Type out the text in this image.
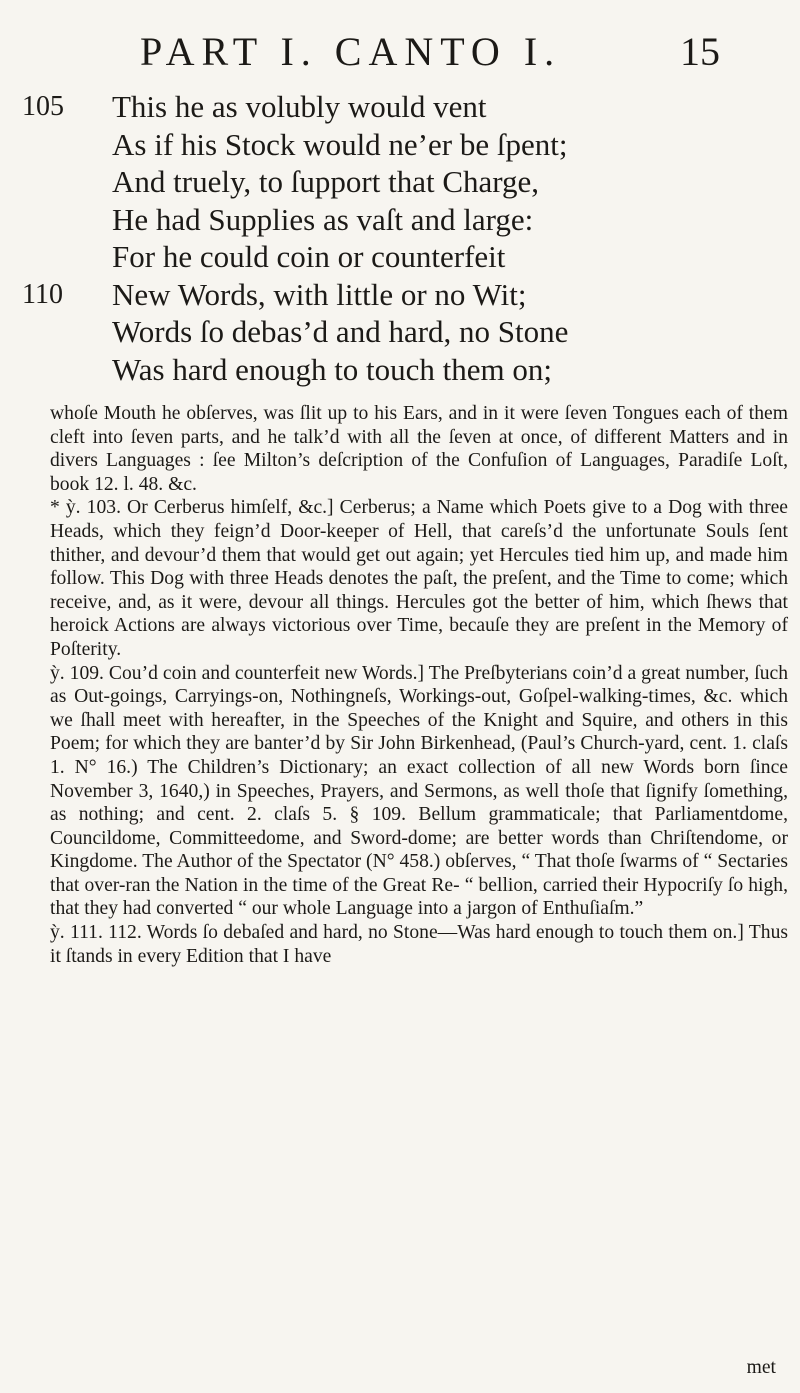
PART I. CANTO I.	15
105 This he as volubly would vent
As if his Stock would ne’er be ſpent;
And truely, to ſupport that Charge,
He had Supplies as vaſt and large:
For he could coin or counterfeit
110 New Words, with little or no Wit;
Words ſo debas’d and hard, no Stone
Was hard enough to touch them on;

whoſe Mouth he obſerves, was ſlit up to his Ears, and in it were ſeven Tongues each of them cleft into ſeven parts, and he talk’d with all the ſeven at once, of different Matters and in divers Languages : ſee Milton’s deſcription of the Confuſion of Languages, Paradiſe Loſt, book 12. l. 48. &c.

* ỳ. 103. Or Cerberus himſelf, &c.] Cerberus; a Name which Poets give to a Dog with three Heads, which they feign’d Door-keeper of Hell, that careſs’d the unfortunate Souls ſent thither, and devour’d them that would get out again; yet Hercules tied him up, and made him follow. This Dog with three Heads denotes the paſt, the preſent, and the Time to come; which receive, and, as it were, devour all things. Hercules got the better of him, which ſhews that heroick Actions are always victorious over Time, becauſe they are preſent in the Memory of Poſterity.

ỳ. 109. Cou’d coin and counterfeit new Words.] The Preſbyterians coin’d a great number, ſuch as Out-goings, Carryings-on, Nothingneſs, Workings-out, Goſpel-walking-times, &c. which we ſhall meet with hereafter, in the Speeches of the Knight and Squire, and others in this Poem; for which they are banter’d by Sir John Birkenhead, (Paul’s Church-yard, cent. 1. claſs 1. N° 16.) The Children’s Dictionary; an exact collection of all new Words born ſince November 3, 1640,) in Speeches, Prayers, and Sermons, as well thoſe that ſignify ſomething, as nothing; and cent. 2. claſs 5. § 109. Bellum grammaticale; that Parliamentdome, Councildome, Committeedome, and Sword-dome; are better words than Chriſtendome, or Kingdome. The Author of the Spectator (N° 458.) obſerves, “ That thoſe ſwarms of “ Sectaries that over-ran the Nation in the time of the Great Re- “ bellion, carried their Hypocriſy ſo high, that they had converted “ our whole Language into a jargon of Enthuſiaſm.”

ỳ. 111. 112. Words ſo debaſed and hard, no Stone—Was hard enough to touch them on.] Thus it ſtands in every Edition that I have

met
